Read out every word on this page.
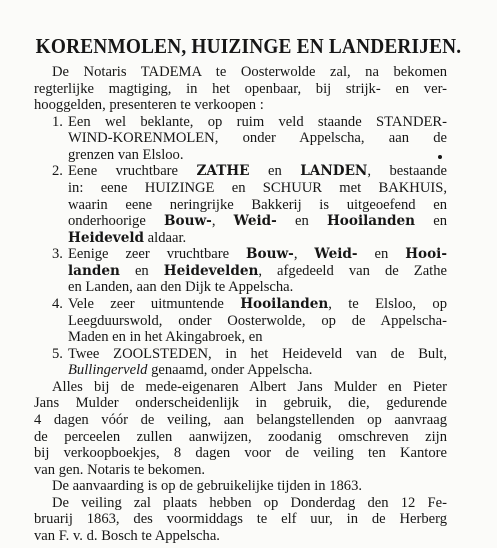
KORENMOLEN, HUIZINGE EN LANDERIJEN.
De Notaris TADEMA te Oosterwolde zal, na bekomen
regterlijke magtiging, in het openbaar, bij strijk- en ver-
hooggelden, presenteren te verkoopen :
1. Een wel beklante, op ruim veld staande STANDER-
WIND-KORENMOLEN, onder Appelscha, aan de
grenzen van Elsloo.
2. Eene vruchtbare ZATHE en LANDEN, bestaande
in: eene HUIZINGE en SCHUUR met BAKHUIS,
waarin eene neringrijke Bakkerij is uitgeoefend en
onderhoorige Bouw-, Weid- en Hooilanden en
Heideveld aldaar.
3. Eenige zeer vruchtbare Bouw-, Weid- en Hooi-
landen en Heidevelden, afgedeeld van de Zathe
en Landen, aan den Dijk te Appelscha.
4. Vele zeer uitmuntende Hooilanden, te Elsloo, op
Leegduurswold, onder Oosterwolde, op de Appelscha-
Maden en in het Akingabroek, en
5. Twee ZOOLSTEDEN, in het Heideveld van de Bult,
Bullingerveld genaamd, onder Appelscha.
Alles bij de mede-eigenaren Albert Jans Mulder en Pieter
Jans Mulder onderscheidenlijk in gebruik, die, gedurende
4 dagen vóór de veiling, aan belangstellenden op aanvraag
de perceelen zullen aanwijzen, zoodanig omschreven zijn
bij verkoopboekjes, 8 dagen voor de veiling ten Kantore
van gen. Notaris te bekomen.
De aanvaarding is op de gebruikelijke tijden in 1863.
De veiling zal plaats hebben op Donderdag den 12 Fe-
bruarij 1863, des voormiddags te elf uur, in de Herberg
van F. v. d. Bosch te Appelscha.
